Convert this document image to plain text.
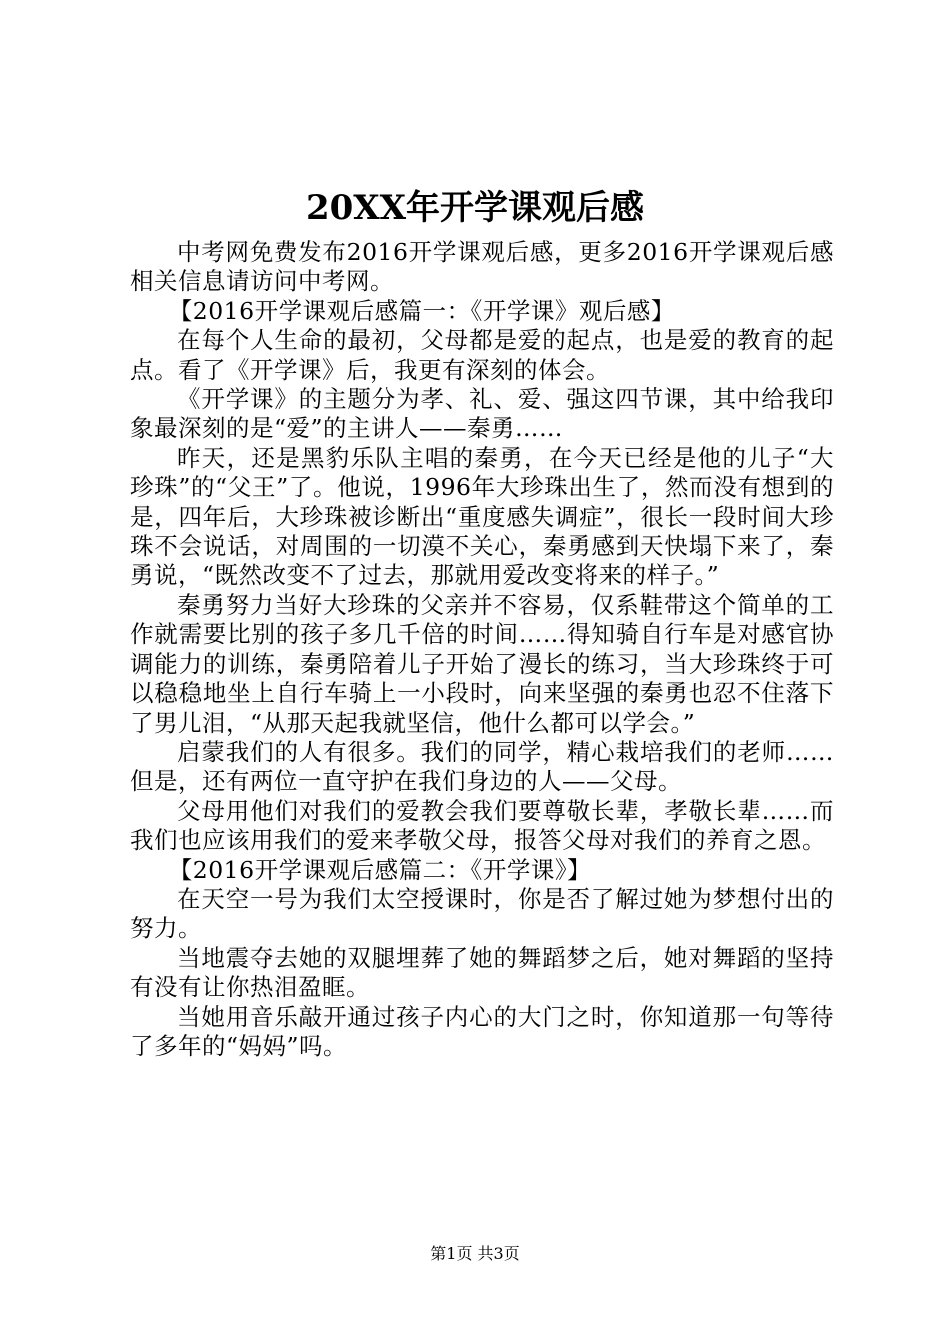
20XX年开学课观后感

中考网免费发布2016开学课观后感，更多2016开学课观后感相关信息请访问中考网。

【2016开学课观后感篇一：《开学课》观后感】

在每个人生命的最初，父母都是爱的起点，也是爱的教育的起点。看了《开学课》后，我更有深刻的体会。

《开学课》的主题分为孝、礼、爱、强这四节课，其中给我印象最深刻的是“爱”的主讲人——秦勇……

昨天，还是黑豹乐队主唱的秦勇，在今天已经是他的儿子“大珍珠”的“父王”了。他说，1996年大珍珠出生了，然而没有想到的是，四年后，大珍珠被诊断出“重度感失调症”，很长一段时间大珍珠不会说话，对周围的一切漠不关心，秦勇感到天快塌下来了，秦勇说，“既然改变不了过去，那就用爱改变将来的样子。”

秦勇努力当好大珍珠的父亲并不容易，仅系鞋带这个简单的工作就需要比别的孩子多几千倍的时间……得知骑自行车是对感官协调能力的训练，秦勇陪着儿子开始了漫长的练习，当大珍珠终于可以稳稳地坐上自行车骑上一小段时，向来坚强的秦勇也忍不住落下了男儿泪，“从那天起我就坚信，他什么都可以学会。”

启蒙我们的人有很多。我们的同学，精心栽培我们的老师……但是，还有两位一直守护在我们身边的人——父母。

父母用他们对我们的爱教会我们要尊敬长辈，孝敬长辈……而我们也应该用我们的爱来孝敬父母，报答父母对我们的养育之恩。

【2016开学课观后感篇二：《开学课》】

在天空一号为我们太空授课时，你是否了解过她为梦想付出的努力。

当地震夺去她的双腿埋葬了她的舞蹈梦之后，她对舞蹈的坚持有没有让你热泪盈眶。

当她用音乐敲开通过孩子内心的大门之时，你知道那一句等待了多年的“妈妈”吗。

第1页 共3页
